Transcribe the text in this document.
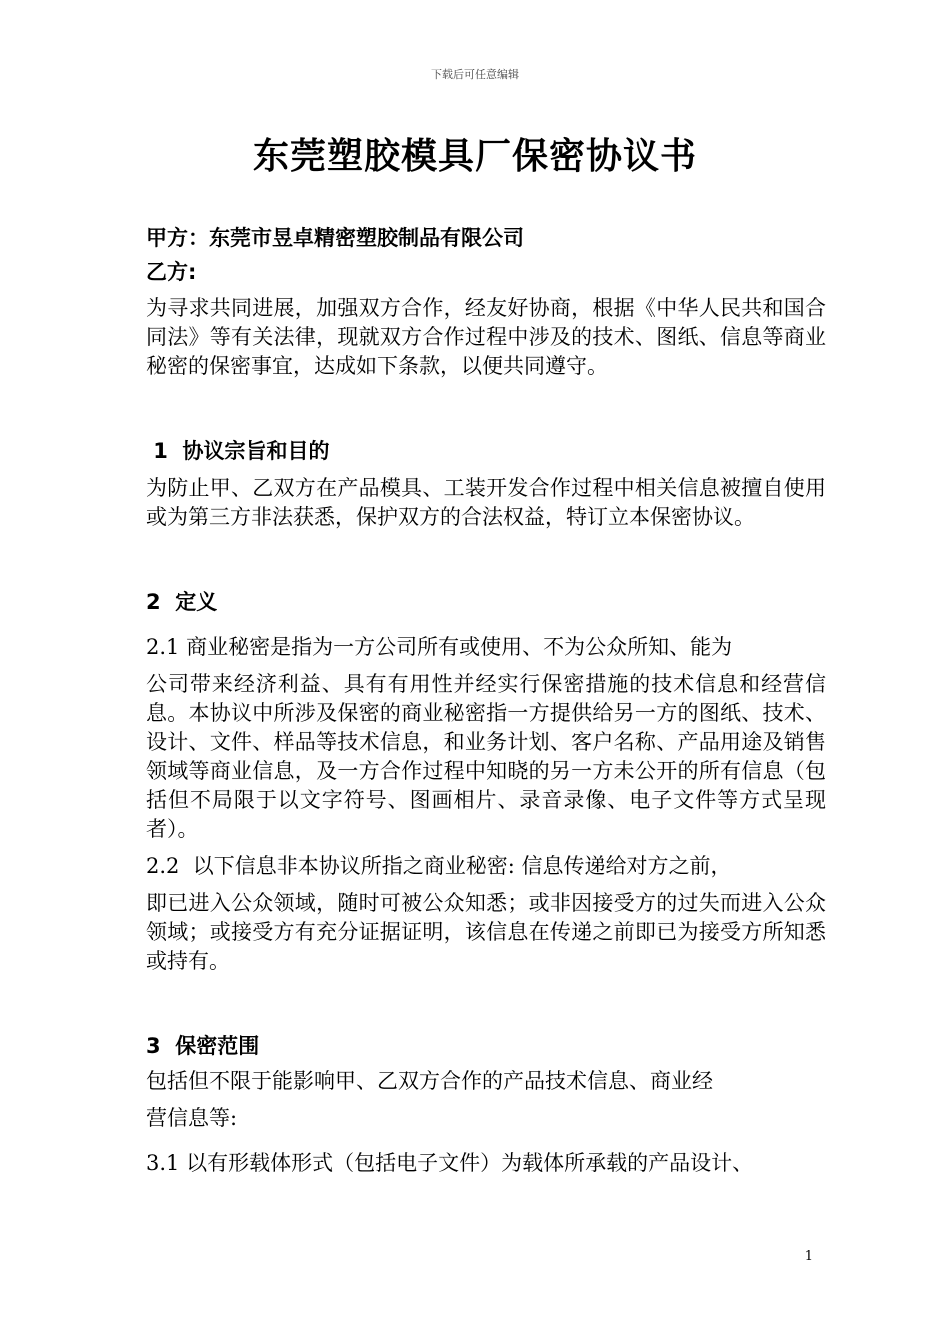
下载后可任意编辑
东莞塑胶模具厂保密协议书
甲方：东莞市昱卓精密塑胶制品有限公司
乙方:

为寻求共同进展，加强双方合作，经友好协商，根据《中华人民共和国合同法》等有关法律，现就双方合作过程中涉及的技术、图纸、信息等商业秘密的保密事宜，达成如下条款，以便共同遵守。

1  协议宗旨和目的

为防止甲、乙双方在产品模具、工装开发合作过程中相关信息被擅自使用或为第三方非法获悉，保护双方的合法权益，特订立本保密协议。

2  定义

2.1 商业秘密是指为一方公司所有或使用、不为公众所知、能为

公司带来经济利益、具有有用性并经实行保密措施的技术信息和经营信息。本协议中所涉及保密的商业秘密指一方提供给另一方的图纸、技术、设计、文件、样品等技术信息，和业务计划、客户名称、产品用途及销售领域等商业信息，及一方合作过程中知晓的另一方未公开的所有信息（包括但不局限于以文字符号、图画相片、录音录像、电子文件等方式呈现者）。

2.2  以下信息非本协议所指之商业秘密: 信息传递给对方之前，

即已进入公众领域，随时可被公众知悉；或非因接受方的过失而进入公众领域；或接受方有充分证据证明，该信息在传递之前即已为接受方所知悉或持有。

3  保密范围

包括但不限于能影响甲、乙双方合作的产品技术信息、商业经

营信息等:

3.1 以有形载体形式（包括电子文件）为载体所承载的产品设计、

1
